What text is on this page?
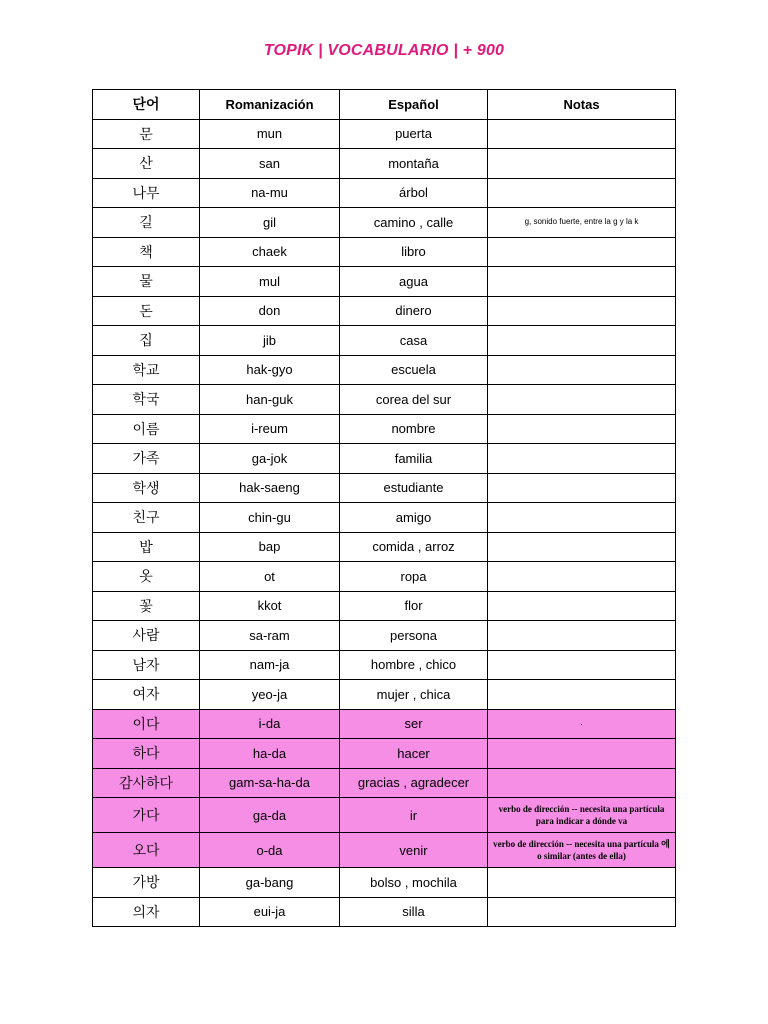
TOPIK | VOCABULARIO | + 900
단어	Romanización	Español	Notas
문	mun	puerta	
산	san	montaña	
나무	na-mu	árbol	
길	gil	camino , calle	g, sonido fuerte, entre la g y la k
책	chaek	libro	
물	mul	agua	
돈	don	dinero	
집	jib	casa	
학교	hak-gyo	escuela	
학국	han-guk	corea del sur	
이름	i-reum	nombre	
가족	ga-jok	familia	
학생	hak-saeng	estudiante	
친구	chin-gu	amigo	
밥	bap	comida , arroz	
옷	ot	ropa	
꽃	kkot	flor	
사람	sa-ram	persona	
남자	nam-ja	hombre , chico	
여자	yeo-ja	mujer , chica	
이다	i-da	ser	.
하다	ha-da	hacer	
감사하다	gam-sa-ha-da	gracias , agradecer	
가다	ga-da	ir	verbo de dirección -- necesita una partícula para indicar a dónde va
오다	o-da	venir	verbo de dirección -- necesita una partícula 에 o similar (antes de ella)
가방	ga-bang	bolso , mochila	
의자	eui-ja	silla	
